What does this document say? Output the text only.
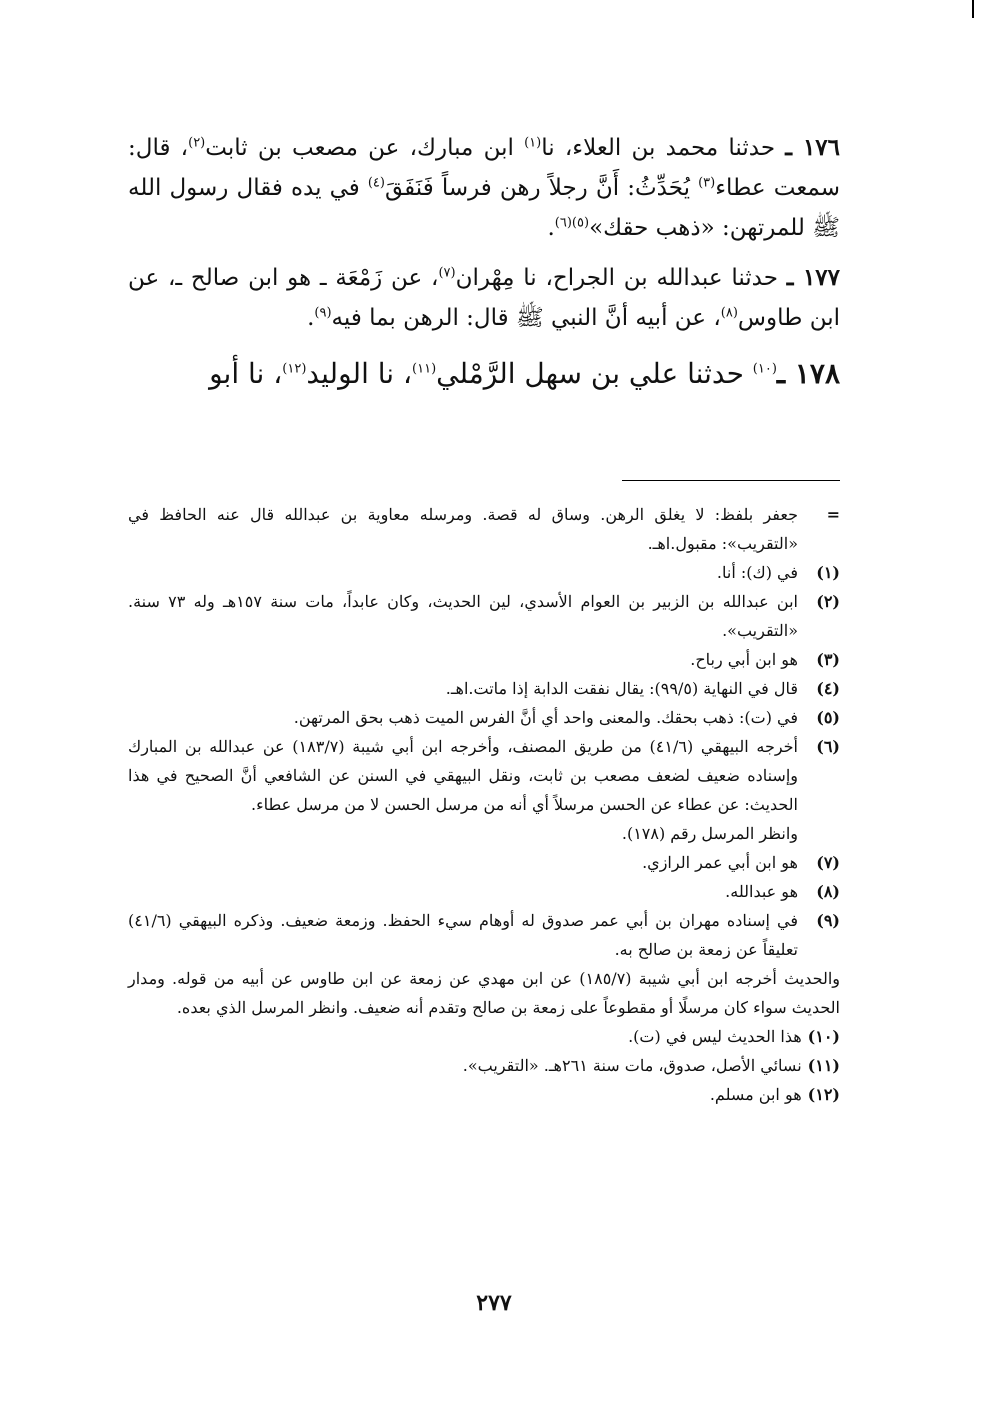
١٧٦ ـ حدثنا محمد بن العلاء، نا$^{(١)}$ ابن مبارك، عن مصعب بن ثابت$^{(٢)}$، قال: سمعت عطاء$^{(٣)}$ يُحَدِّثُ: أَنَّ رجلاً رهن فرساً فَنَفَقَ$^{(٤)}$ في يده فقال رسول الله ﷺ للمرتهن: «ذهب حقك»$^{(٥)(٦)}$.

١٧٧ ـ حدثنا عبدالله بن الجراح، نا مِهْران$^{(٧)}$، عن زَمْعَة ـ هو ابن صالح ـ، عن ابن طاوس$^{(٨)}$، عن أبيه أنَّ النبي ﷺ قال: الرهن بما فيه$^{(٩)}$.

١٧٨ ـ$^{(١٠)}$ حدثنا علي بن سهل الرَّمْلي$^{(١١)}$، نا الوليد$^{(١٢)}$، نا أبو

=
جعفر بلفظ: لا يغلق الرهن. وساق له قصة. ومرسله معاوية بن عبدالله قال عنه الحافظ في «التقريب»: مقبول.اهـ.
(١)
في (ك): أنا.
(٢)
ابن عبدالله بن الزبير بن العوام الأسدي، لين الحديث، وكان عابداً، مات سنة ١٥٧هـ وله ٧٣ سنة. «التقريب».
(٣)
هو ابن أبي رباح.
(٤)
قال في النهاية (٩٩/٥): يقال نفقت الدابة إذا ماتت.اهـ.
(٥)
في (ت): ذهب بحقك. والمعنى واحد أي أنَّ الفرس الميت ذهب بحق المرتهن.
(٦)
أخرجه البيهقي (٤١/٦) من طريق المصنف، وأخرجه ابن أبي شيبة (١٨٣/٧) عن عبدالله بن المبارك وإسناده ضعيف لضعف مصعب بن ثابت، ونقل البيهقي في السنن عن الشافعي أنَّ الصحيح في هذا الحديث: عن عطاء عن الحسن مرسلاً أي أنه من مرسل الحسن لا من مرسل عطاء.
وانظر المرسل رقم (١٧٨).
(٧)
هو ابن أبي عمر الرازي.
(٨)
هو عبدالله.
(٩)
في إسناده مهران بن أبي عمر صدوق له أوهام سيء الحفظ. وزمعة ضعيف. وذكره البيهقي (٤١/٦) تعليقاً عن زمعة بن صالح به.
والحديث أخرجه ابن أبي شيبة (١٨٥/٧) عن ابن مهدي عن زمعة عن ابن طاوس عن أبيه من قوله. ومدار الحديث سواء كان مرسلًا أو مقطوعاً على زمعة بن صالح وتقدم أنه ضعيف. وانظر المرسل الذي بعده.
(١٠)
هذا الحديث ليس في (ت).
(١١)
نسائي الأصل، صدوق، مات سنة ٢٦١هـ. «التقريب».
(١٢)
هو ابن مسلم.
٢٧٧
